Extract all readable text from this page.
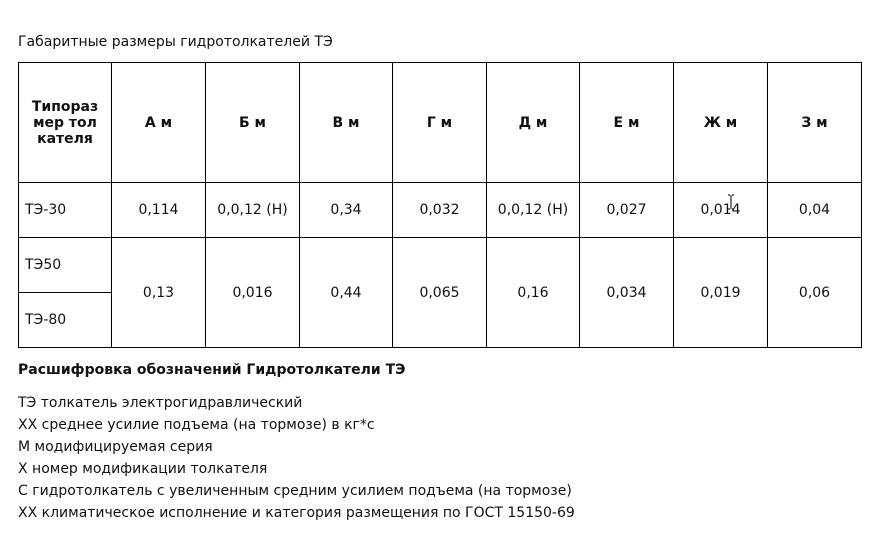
Габаритные размеры гидротолкателей ТЭ
Типоразмер толкателя	А м	Б м	В м	Г м	Д м	Е м	Ж м	З м
ТЭ-30	0,114	0,0,12 (Н)	0,34	0,032	0,0,12 (Н)	0,027	0,014	0,04
ТЭ50	0,13	0,016	0,44	0,065	0,16	0,034	0,019	0,06
ТЭ-80								
Расшифровка обозначений Гидротолкатели ТЭ
ТЭ толкатель электрогидравлический
ХХ среднее усилие подъема (на тормозе) в кг*с
М модифицируемая серия
Х номер модификации толкателя
С гидротолкатель с увеличенным средним усилием подъема (на тормозе)
ХХ климатическое исполнение и категория размещения по ГОСТ 15150-69
